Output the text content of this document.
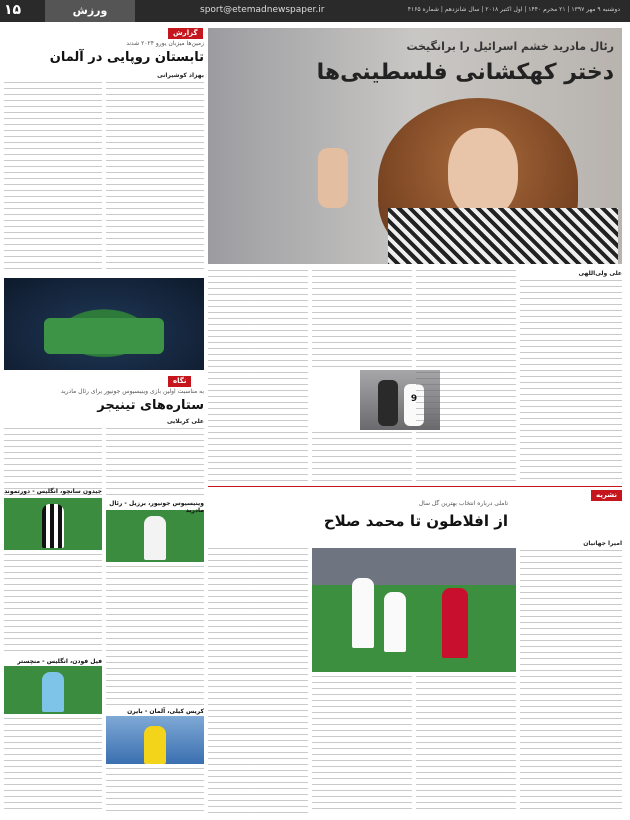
۱۵	ورزش	sport@etemadnewspaper.ir	دوشنبه ۹ مهر ۱۳۹۷ | ۲۱ محرم ۱۴۴۰ | اول اکتبر ۲۰۱۸ | سال شانزدهم | شماره ۴۱۶۵
رئال مادرید خشم اسرائیل را برانگیخت
دختر کهکشانی فلسطینی‌ها
گزارش
زمین‌ها میزبان یورو ۲۰۲۴ شدند
تابستان روپایی در آلمان
بهزاد کوشیرانی
نگاه
به مناسبت اولین بازی وینیسیوس جونیور برای رئال مادرید
ستاره‌های تینیجر
علی کربلایی
جیدون سانچو، انگلیس - دورتموند
وینیسیوس جونیور، برزیل - رئال مادرید
فیل فودن، انگلیس - منچستر
کریس کیلی، آلمان - بایرن
9
علی ولی‌اللهی
نشریه
تاملی درباره انتخاب بهترین گل سال
از افلاطون تا محمد صلاح
امیرا جهانیان
